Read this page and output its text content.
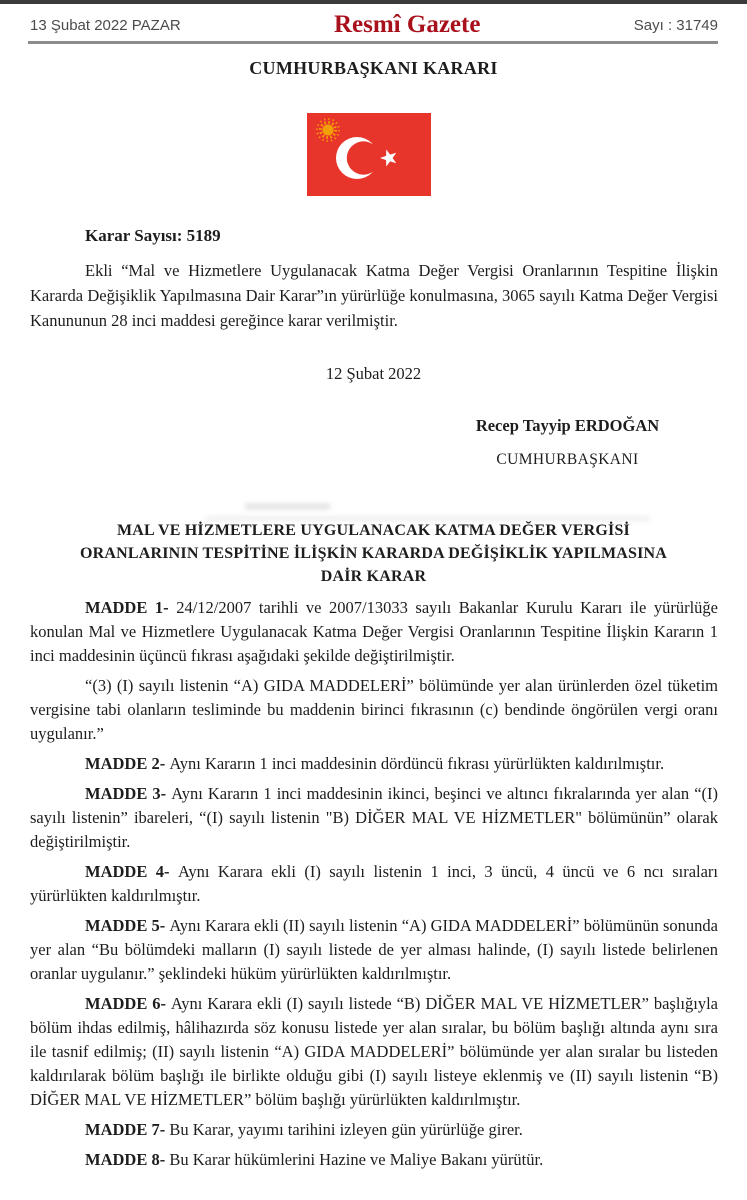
13 Şubat 2022 PAZAR	Resmî Gazete	Sayı : 31749
CUMHURBAŞKANI KARARI
Karar Sayısı: 5189

Ekli “Mal ve Hizmetlere Uygulanacak Katma Değer Vergisi Oranlarının Tespitine İlişkin Kararda Değişiklik Yapılmasına Dair Karar”ın yürürlüğe konulmasına, 3065 sayılı Katma Değer Vergisi Kanununun 28 inci maddesi gereğince karar verilmiştir.

12 Şubat 2022
Recep Tayyip ERDOĞAN
CUMHURBAŞKANI
MAL VE HİZMETLERE UYGULANACAK KATMA DEĞER VERGİSİ
ORANLARININ TESPİTİNE İLİŞKİN KARARDA DEĞİŞİKLİK YAPILMASINA
DAİR KARAR

MADDE 1- 24/12/2007 tarihli ve 2007/13033 sayılı Bakanlar Kurulu Kararı ile yürürlüğe konulan Mal ve Hizmetlere Uygulanacak Katma Değer Vergisi Oranlarının Tespitine İlişkin Kararın 1 inci maddesinin üçüncü fıkrası aşağıdaki şekilde değiştirilmiştir.

“(3) (I) sayılı listenin “A) GIDA MADDELERİ” bölümünde yer alan ürünlerden özel tüketim vergisine tabi olanların tesliminde bu maddenin birinci fıkrasının (c) bendinde öngörülen vergi oranı uygulanır.”

MADDE 2- Aynı Kararın 1 inci maddesinin dördüncü fıkrası yürürlükten kaldırılmıştır.

MADDE 3- Aynı Kararın 1 inci maddesinin ikinci, beşinci ve altıncı fıkralarında yer alan “(I) sayılı listenin” ibareleri, “(I) sayılı listenin "B) DİĞER MAL VE HİZMETLER" bölümünün” olarak değiştirilmiştir.

MADDE 4- Aynı Karara ekli (I) sayılı listenin 1 inci, 3 üncü, 4 üncü ve 6 ncı sıraları yürürlükten kaldırılmıştır.

MADDE 5- Aynı Karara ekli (II) sayılı listenin “A) GIDA MADDELERİ” bölümünün sonunda yer alan “Bu bölümdeki malların (I) sayılı listede de yer alması halinde, (I) sayılı listede belirlenen oranlar uygulanır.” şeklindeki hüküm yürürlükten kaldırılmıştır.

MADDE 6- Aynı Karara ekli (I) sayılı listede “B) DİĞER MAL VE HİZMETLER” başlığıyla bölüm ihdas edilmiş, hâlihazırda söz konusu listede yer alan sıralar, bu bölüm başlığı altında aynı sıra ile tasnif edilmiş; (II) sayılı listenin “A) GIDA MADDELERİ” bölümünde yer alan sıralar bu listeden kaldırılarak bölüm başlığı ile birlikte olduğu gibi (I) sayılı listeye eklenmiş ve (II) sayılı listenin “B) DİĞER MAL VE HİZMETLER” bölüm başlığı yürürlükten kaldırılmıştır.

MADDE 7- Bu Karar, yayımı tarihini izleyen gün yürürlüğe girer.

MADDE 8- Bu Karar hükümlerini Hazine ve Maliye Bakanı yürütür.
